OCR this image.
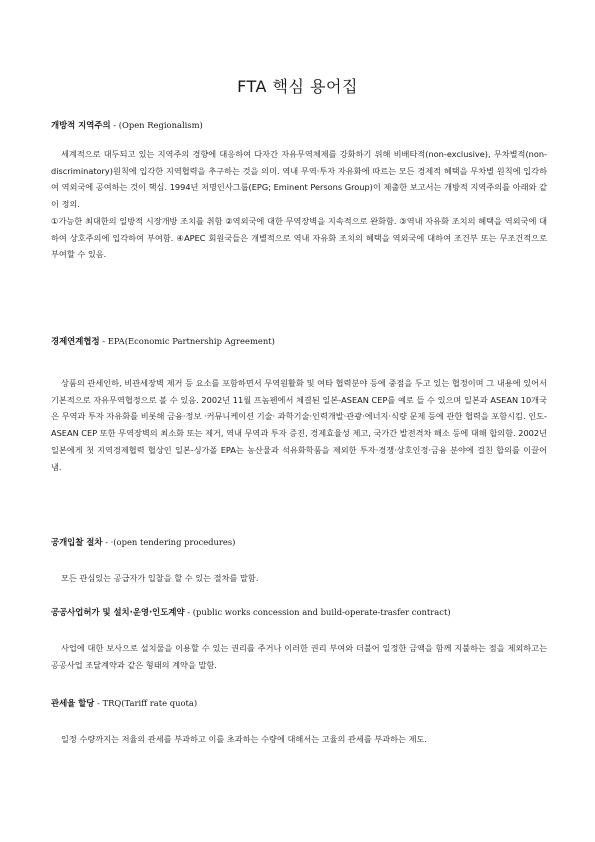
FTA 핵심 용어집

개방적 지역주의 - (Open Regionalism)

세계적으로 대두되고 있는 지역주의 경향에 대응하여 다자간 자유무역체제를 강화하기 위해 비배타적(non-exclusive), 무차별적(non-discriminatory)원칙에 입각한 지역협력을 추구하는 것을 의미. 역내 무역·투자 자유화에 따르는 모든 경제적 혜택을 무차별 원칙에 입각하여 역외국에 공여하는 것이 핵심. 1994년 저명인사그룹(EPG; Eminent Persons Group)이 제출한 보고서는 개방적 지역주의를 아래와 같이 정의.

①가능한 최대한의 일방적 시장개방 조치를 취함 ②역외국에 대한 무역장벽을 지속적으로 완화함. ③역내 자유화 조치의 혜택을 역외국에 대하여 상호주의에 입각하여 부여함. ④APEC 회원국들은 개별적으로 역내 자유화 조치의 혜택을 역외국에 대하여 조건부 또는 무조건적으로 부여할 수 있음.

경제연계협정 - EPA(Economic Partnership Agreement)

상품의 관세인하, 비관세장벽 제거 등 요소를 포함하면서 무역원활화 및 여타 협력분야 등에 중점을 두고 있는 협정이며 그 내용에 있어서 기본적으로 자유무역협정으로 볼 수 있음. 2002년 11월 프놈펜에서 체결된 일본-ASEAN CEP를 예로 들 수 있으며 일본과 ASEAN 10개국은 무역과 투자 자유화를 비롯해 금융·정보 ·커뮤니케이션 기술· 과학기술·인력개발·관광·에너지·식량 문제 등에 관한 협력을 포함시킴. 인도-ASEAN CEP 또한 무역장벽의 최소화 또는 제거, 역내 무역과 투자 증진, 경제효율성 제고, 국가간 발전격차 해소 등에 대해 합의함. 2002년 일본에게 첫 지역경제협력 협상인 일본-싱가폴 EPA는 농산물과 석유화학품을 제외한 투자·경쟁·상호인정·금융 분야에 걸친 합의를 이끌어냄.

공개입찰 절차 - ·(open tendering procedures)

모든 관심있는 공급자가 입찰을 할 수 있는 절차를 말함.

공공사업허가 및 설치·운영·인도계약 - (public works concession and build-operate-trasfer contract)

사업에 대한 보사으로 설치물을 이용할 수 있는 권리를 주거나 이러한 권리 부여와 더불어 일정한 금액을 함께 지불하는 점을 제외하고는 공공사업 조달계약과 같은 형태의 계약을 말함.

관세율 할당 - TRQ(Tariff rate quota)

일정 수량까지는 저율의 관세를 부과하고 이를 초과하는 수량에 대해서는 고율의 관세를 부과하는 제도.
